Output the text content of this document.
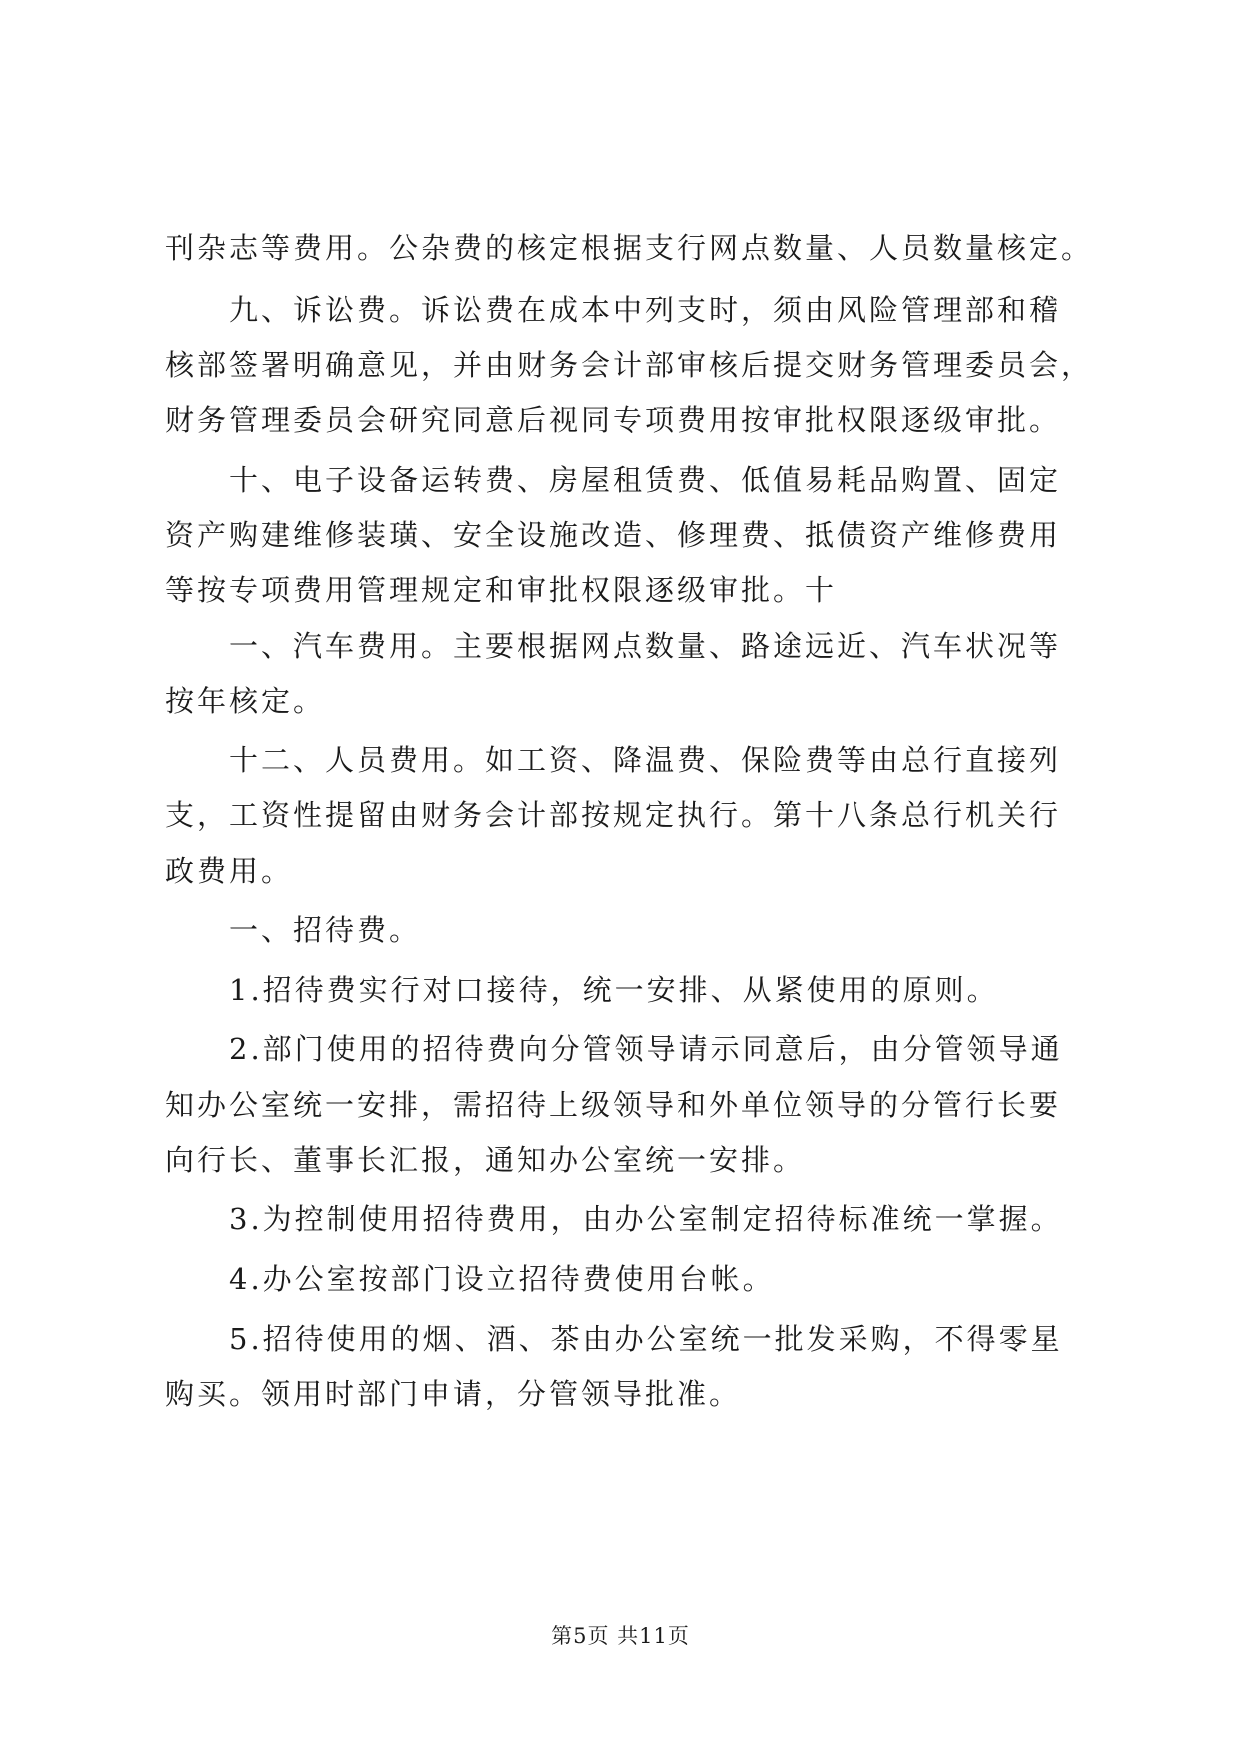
刊杂志等费用。公杂费的核定根据支行网点数量、人员数量核定。
　　九、诉讼费。诉讼费在成本中列支时，须由风险管理部和稽
核部签署明确意见，并由财务会计部审核后提交财务管理委员会，
财务管理委员会研究同意后视同专项费用按审批权限逐级审批。
　　十、电子设备运转费、房屋租赁费、低值易耗品购置、固定
资产购建维修装璜、安全设施改造、修理费、抵债资产维修费用
等按专项费用管理规定和审批权限逐级审批。十
　　一、汽车费用。主要根据网点数量、路途远近、汽车状况等
按年核定。
　　十二、人员费用。如工资、降温费、保险费等由总行直接列
支，工资性提留由财务会计部按规定执行。第十八条总行机关行
政费用。
　　一、招待费。
　　1.招待费实行对口接待，统一安排、从紧使用的原则。
　　2.部门使用的招待费向分管领导请示同意后，由分管领导通
知办公室统一安排，需招待上级领导和外单位领导的分管行长要
向行长、董事长汇报，通知办公室统一安排。
　　3.为控制使用招待费用，由办公室制定招待标准统一掌握。
　　4.办公室按部门设立招待费使用台帐。
　　5.招待使用的烟、酒、茶由办公室统一批发采购，不得零星
购买。领用时部门申请，分管领导批准。
第5页 共11页
